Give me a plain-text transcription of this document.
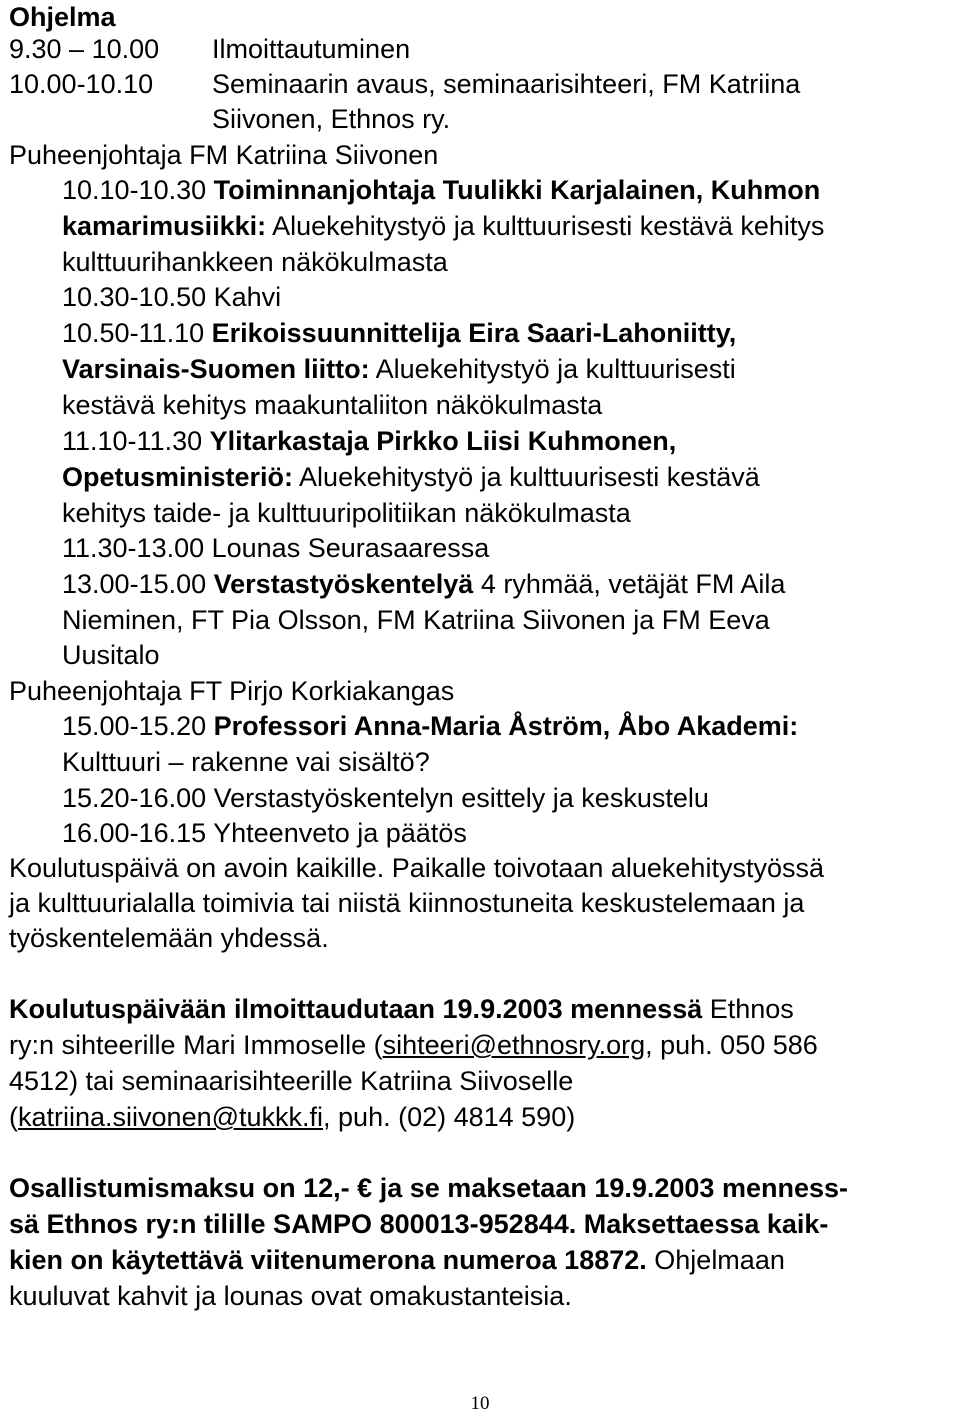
Ohjelma
9.30 – 10.00 Ilmoittautuminen
10.00-10.10 Seminaarin avaus, seminaarisihteeri, FM Katriina
Siivonen, Ethnos ry.
Puheenjohtaja FM Katriina Siivonen
10.10-10.30 Toiminnanjohtaja Tuulikki Karjalainen, Kuhmon
kamarimusiikki: Aluekehitystyö ja kulttuurisesti kestävä kehitys
kulttuurihankkeen näkökulmasta
10.30-10.50 Kahvi
10.50-11.10 Erikoissuunnittelija Eira Saari-Lahoniitty,
Varsinais-Suomen liitto: Aluekehitystyö ja kulttuurisesti
kestävä kehitys maakuntaliiton näkökulmasta
11.10-11.30 Ylitarkastaja Pirkko Liisi Kuhmonen,
Opetusministeriö: Aluekehitystyö ja kulttuurisesti kestävä
kehitys taide- ja kulttuuripolitiikan näkökulmasta
11.30-13.00 Lounas Seurasaaressa
13.00-15.00 Verstastyöskentelyä 4 ryhmää, vetäjät FM Aila
Nieminen, FT Pia Olsson, FM Katriina Siivonen ja FM Eeva
Uusitalo
Puheenjohtaja FT Pirjo Korkiakangas
15.00-15.20 Professori Anna-Maria Åström, Åbo Akademi:
Kulttuuri – rakenne vai sisältö?
15.20-16.00 Verstastyöskentelyn esittely ja keskustelu
16.00-16.15 Yhteenveto ja päätös
Koulutuspäivä on avoin kaikille. Paikalle toivotaan aluekehitystyössä
ja kulttuurialalla toimivia tai niistä kiinnostuneita keskustelemaan ja
työskentelemään yhdessä.
Koulutuspäivään ilmoittaudutaan 19.9.2003 mennessä Ethnos
ry:n sihteerille Mari Immoselle (sihteeri@ethnosry.org, puh. 050 586
4512) tai seminaarisihteerille Katriina Siivoselle
(katriina.siivonen@tukkk.fi, puh. (02) 4814 590)
Osallistumismaksu on 12,- € ja se maksetaan 19.9.2003 menness-
sä Ethnos ry:n tilille SAMPO 800013-952844. Maksettaessa kaik-
kien on käytettävä viitenumerona numeroa 18872. Ohjelmaan
kuuluvat kahvit ja lounas ovat omakustanteisia.
10
